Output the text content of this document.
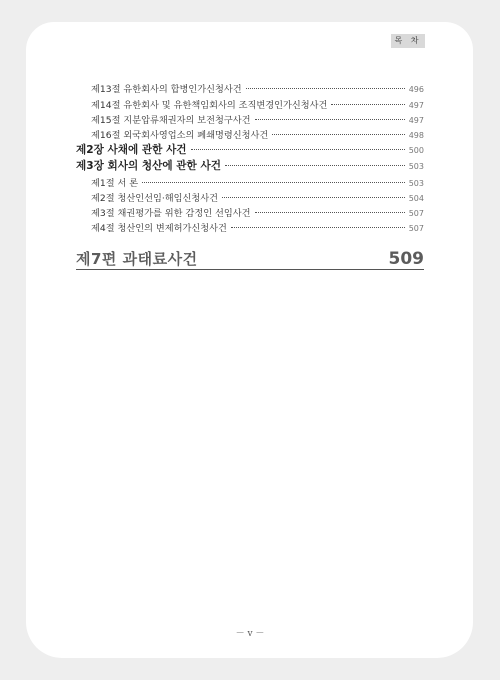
목 차
제13절 유한회사의 합병인가신청사건	496
제14절 유한회사 및 유한책임회사의 조직변경인가신청사건	497
제15절 지분압류채권자의 보전청구사건	497
제16절 외국회사영업소의 폐쇄명령신청사건	498
제2장 사채에 관한 사건	500
제3장 회사의 청산에 관한 사건	503
제1절 서 론	503
제2절 청산인선임·해임신청사건	504
제3절 채권평가를 위한 감정인 선임사건	507
제4절 청산인의 변제허가신청사건	507
제7편 과태료사건	509
－ v －
